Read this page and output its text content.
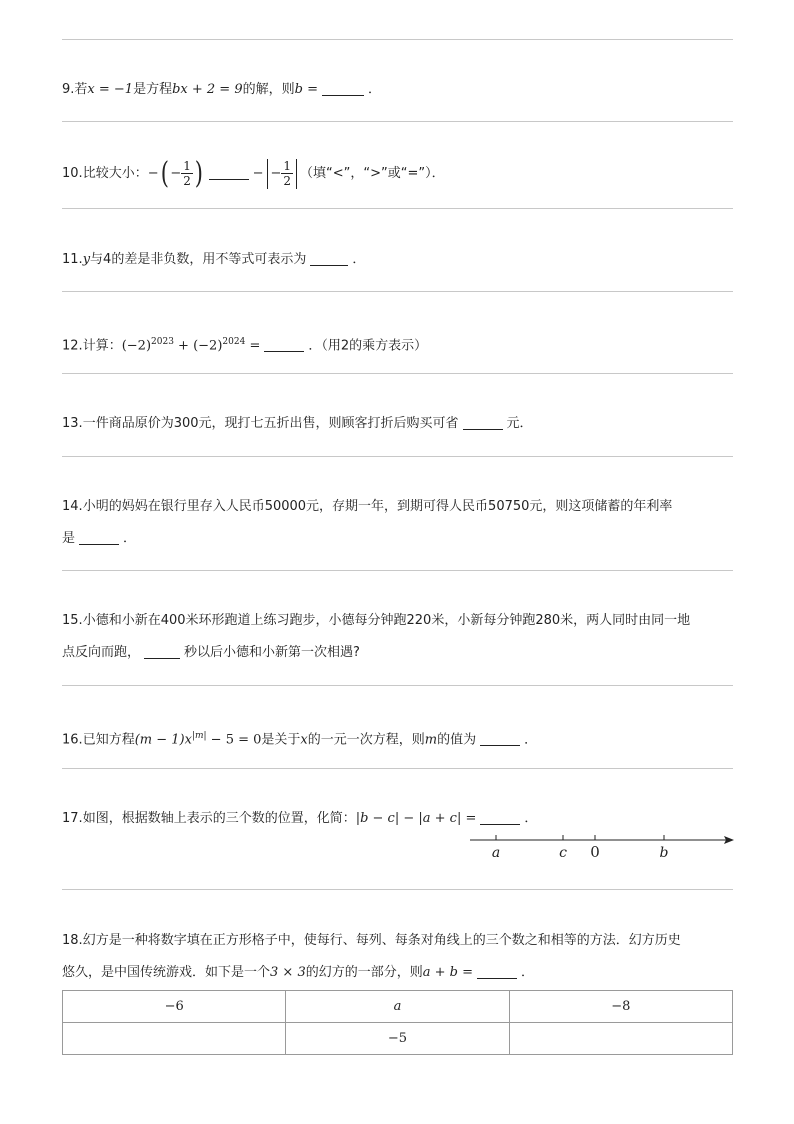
9.若x = −1是方程bx + 2 = 9的解，则b =	．
10.比较大小：−( − $\frac{1}{2}$ )	− − $\frac{1}{2}$ （填“<”，“>”或“=”）．
11.y与4的差是非负数，用不等式可表示为	．
12.计算：$(-2)^{2023} + (-2)^{2024}$ =	．（用2的乘方表示）
13.一件商品原价为300元，现打七五折出售，则顾客打折后购买可省	元．
14.小明的妈妈在银行里存入人民币50000元，存期一年，到期可得人民币50750元，则这项储蓄的年利率
是	．
15.小德和小新在400米环形跑道上练习跑步，小德每分钟跑220米，小新每分钟跑280米，两人同时由同一地
点反向而跑，	秒以后小德和小新第一次相遇?
16.已知方程$(m - 1)x^{|m|} - 5 = 0$是关于x的一元一次方程，则m的值为	．
17.如图，根据数轴上表示的三个数的位置，化简：|b − c| − |a + c| =	．
a	c 0	b
18.幻方是一种将数字填在正方形格子中，使每行、每列、每条对角线上的三个数之和相等的方法．幻方历史
悠久，是中国传统游戏．如下是一个3 × 3的幻方的一部分，则a + b =	．
−6	a	−8
	−5	
